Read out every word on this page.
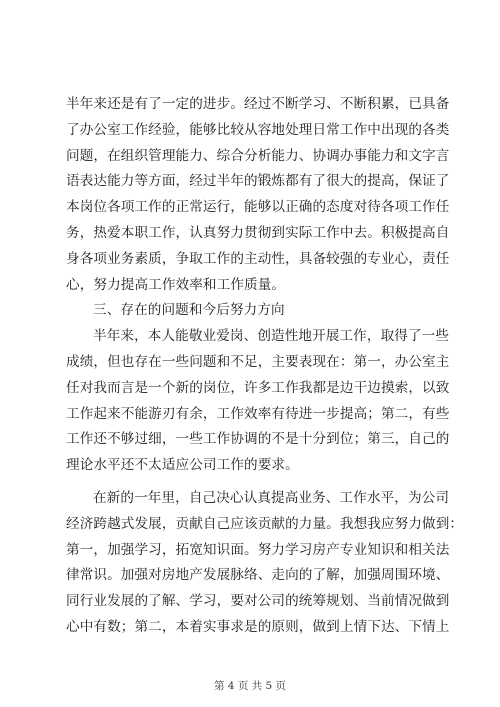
半年来还是有了一定的进步。经过不断学习、不断积累，已具备
了办公室工作经验，能够比较从容地处理日常工作中出现的各类
问题，在组织管理能力、综合分析能力、协调办事能力和文字言
语表达能力等方面，经过半年的锻炼都有了很大的提高，保证了
本岗位各项工作的正常运行，能够以正确的态度对待各项工作任
务，热爱本职工作，认真努力贯彻到实际工作中去。积极提高自
身各项业务素质，争取工作的主动性，具备较强的专业心，责任
心，努力提高工作效率和工作质量。
三、存在的问题和今后努力方向
半年来，本人能敬业爱岗、创造性地开展工作，取得了一些
成绩，但也存在一些问题和不足，主要表现在：第一，办公室主
任对我而言是一个新的岗位，许多工作我都是边干边摸索，以致
工作起来不能游刃有余，工作效率有待进一步提高；第二，有些
工作还不够过细，一些工作协调的不是十分到位；第三，自己的
理论水平还不太适应公司工作的要求。
在新的一年里，自己决心认真提高业务、工作水平，为公司
经济跨越式发展，贡献自己应该贡献的力量。我想我应努力做到：
第一，加强学习，拓宽知识面。努力学习房产专业知识和相关法
律常识。加强对房地产发展脉络、走向的了解，加强周围环境、
同行业发展的了解、学习，要对公司的统筹规划、当前情况做到
心中有数；第二，本着实事求是的原则，做到上情下达、下情上
第 4 页 共 5 页
